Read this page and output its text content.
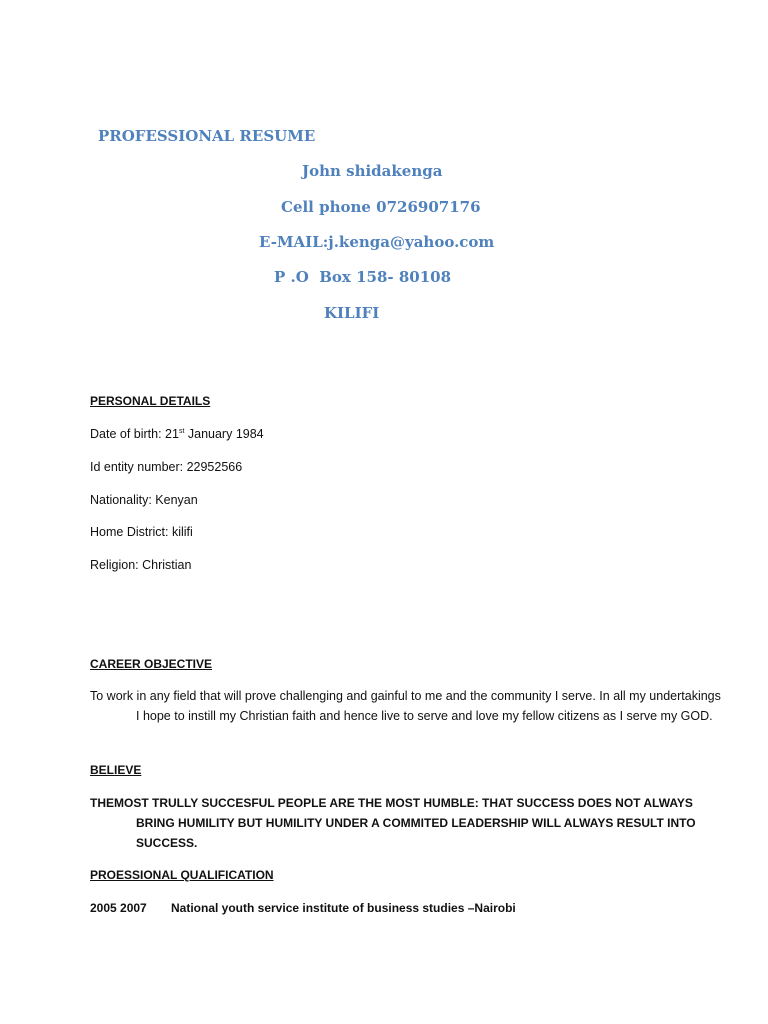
PROFESSIONAL RESUME
John shidakenga
Cell phone 0726907176
E-MAIL:j.kenga@yahoo.com
P .O  Box 158- 80108
KILIFI
PERSONAL DETAILS
Date of birth: 21st January 1984
Id entity number: 22952566
Nationality: Kenyan
Home District: kilifi
Religion: Christian
CAREER OBJECTIVE
To work in any field that will prove challenging and gainful to me and the community I serve. In all my undertakings I hope to instill my Christian faith and hence live to serve and love my fellow citizens as I serve my GOD.
BELIEVE
THEMOST TRULLY SUCCESFUL PEOPLE ARE THE MOST HUMBLE: THAT SUCCESS DOES NOT ALWAYS BRING HUMILITY BUT HUMILITY UNDER A COMMITED LEADERSHIP WILL ALWAYS RESULT INTO SUCCESS.
PROESSIONAL QUALIFICATION
2005 2007 National youth service institute of business studies –Nairobi
